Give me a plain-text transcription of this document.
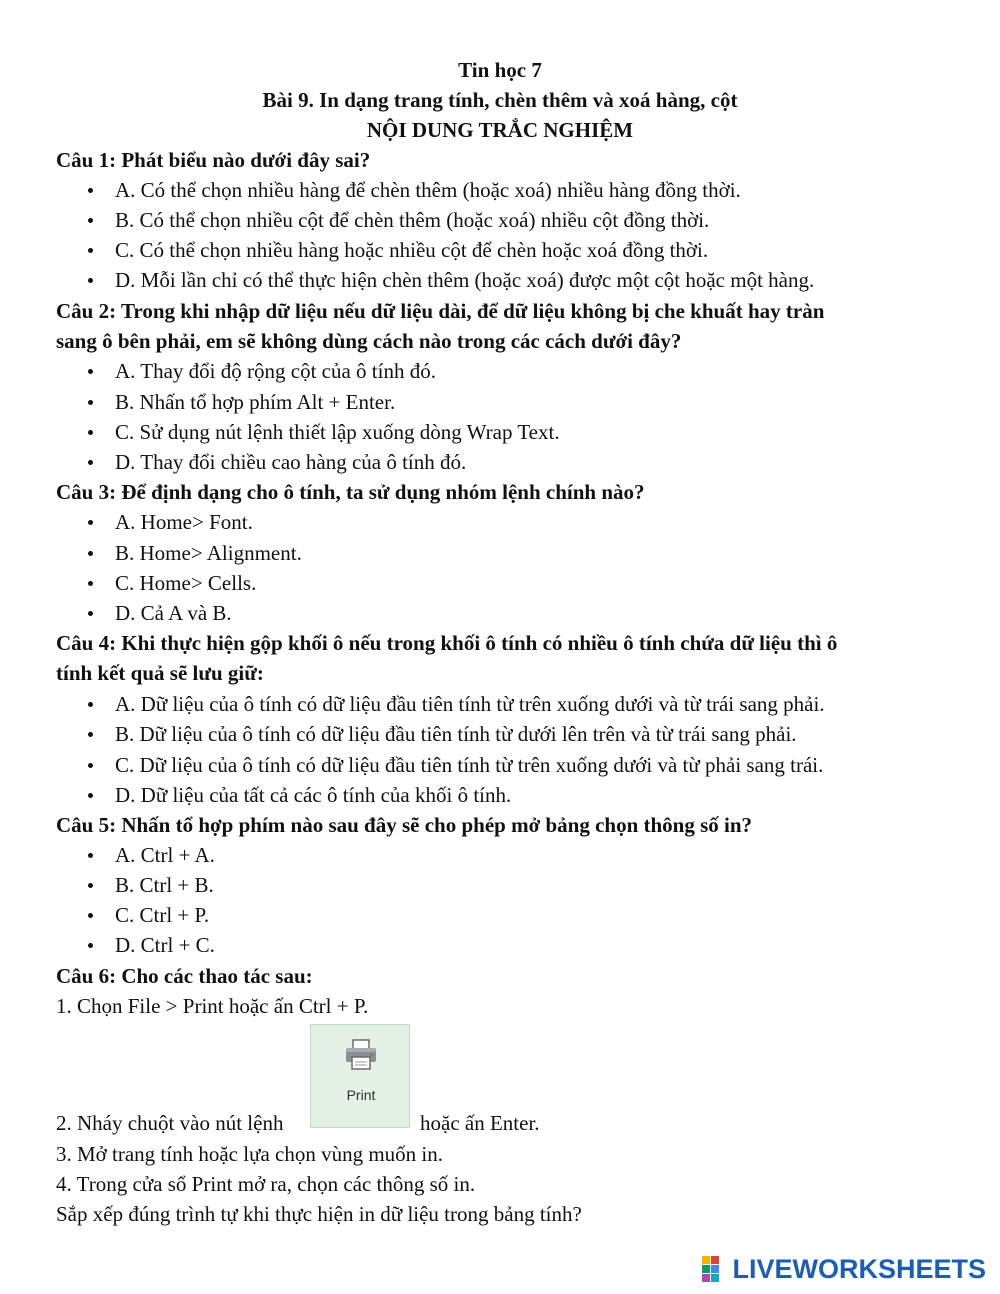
Tin học 7
Bài 9. In dạng trang tính, chèn thêm và xoá hàng, cột
NỘI DUNG TRẮC NGHIỆM
Câu 1: Phát biểu nào dưới đây sai?
A. Có thể chọn nhiều hàng để chèn thêm (hoặc xoá) nhiều hàng đồng thời.
B. Có thể chọn nhiều cột để chèn thêm (hoặc xoá) nhiều cột đồng thời.
C. Có thể chọn nhiều hàng hoặc nhiều cột để chèn hoặc xoá đồng thời.
D. Mỗi lần chỉ có thể thực hiện chèn thêm (hoặc xoá) được một cột hoặc một hàng.
Câu 2: Trong khi nhập dữ liệu nếu dữ liệu dài, để dữ liệu không bị che khuất hay tràn
sang ô bên phải, em sẽ không dùng cách nào trong các cách dưới đây?
A. Thay đổi độ rộng cột của ô tính đó.
B. Nhấn tổ hợp phím Alt + Enter.
C. Sử dụng nút lệnh thiết lập xuống dòng Wrap Text.
D. Thay đổi chiều cao hàng của ô tính đó.
Câu 3: Để định dạng cho ô tính, ta sử dụng nhóm lệnh chính nào?
A. Home> Font.
B. Home> Alignment.
C. Home> Cells.
D. Cả A và B.
Câu 4: Khi thực hiện gộp khối ô nếu trong khối ô tính có nhiều ô tính chứa dữ liệu thì ô
tính kết quả sẽ lưu giữ:
A. Dữ liệu của ô tính có dữ liệu đầu tiên tính từ trên xuống dưới và từ trái sang phải.
B. Dữ liệu của ô tính có dữ liệu đầu tiên tính từ dưới lên trên và từ trái sang phải.
C. Dữ liệu của ô tính có dữ liệu đầu tiên tính từ trên xuống dưới và từ phải sang trái.
D. Dữ liệu của tất cả các ô tính của khối ô tính.
Câu 5: Nhấn tổ hợp phím nào sau đây sẽ cho phép mở bảng chọn thông số in?
A. Ctrl + A.
B. Ctrl + B.
C. Ctrl + P.
D. Ctrl + C.
Câu 6: Cho các thao tác sau:
1. Chọn File > Print hoặc ấn Ctrl + P.
2. Nháy chuột vào nút lệnh
Print
hoặc ấn Enter.
3. Mở trang tính hoặc lựa chọn vùng muốn in.
4. Trong cửa sổ Print mở ra, chọn các thông số in.
Sắp xếp đúng trình tự khi thực hiện in dữ liệu trong bảng tính?
LIVEWORKSHEETS
